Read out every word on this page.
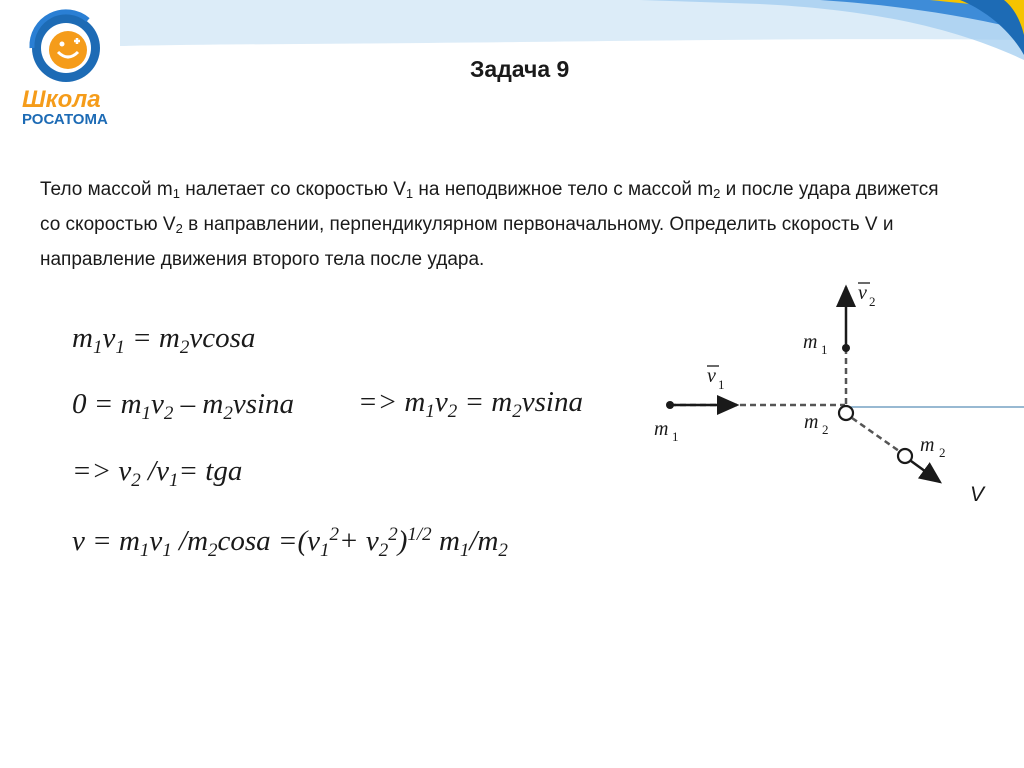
Школа
РОСАТОМА
Задача 9
Тело массой $m_1$ налетает со скоростью $V_1$ на неподвижное тело с массой $m_2$ и после удара движется со скоростью $V_2$ в направлении, перпендикулярном первоначальному. Определить скорость V и направление движения второго тела после удара.
$m_1v_1 = m_2vcosa$
$0 = m_1v_2 - m_2vsina => m_1v_2 = m_2vsina$
=> $v_2$ $/v_1=$ tga
$v = m_1v_1$ $/m_2\cos a =(v_1^2+ v_2^2)^{1/2}$ $m_1/m_2$
v 2
m 1
v 1
m 1
m 2
m 2
V
